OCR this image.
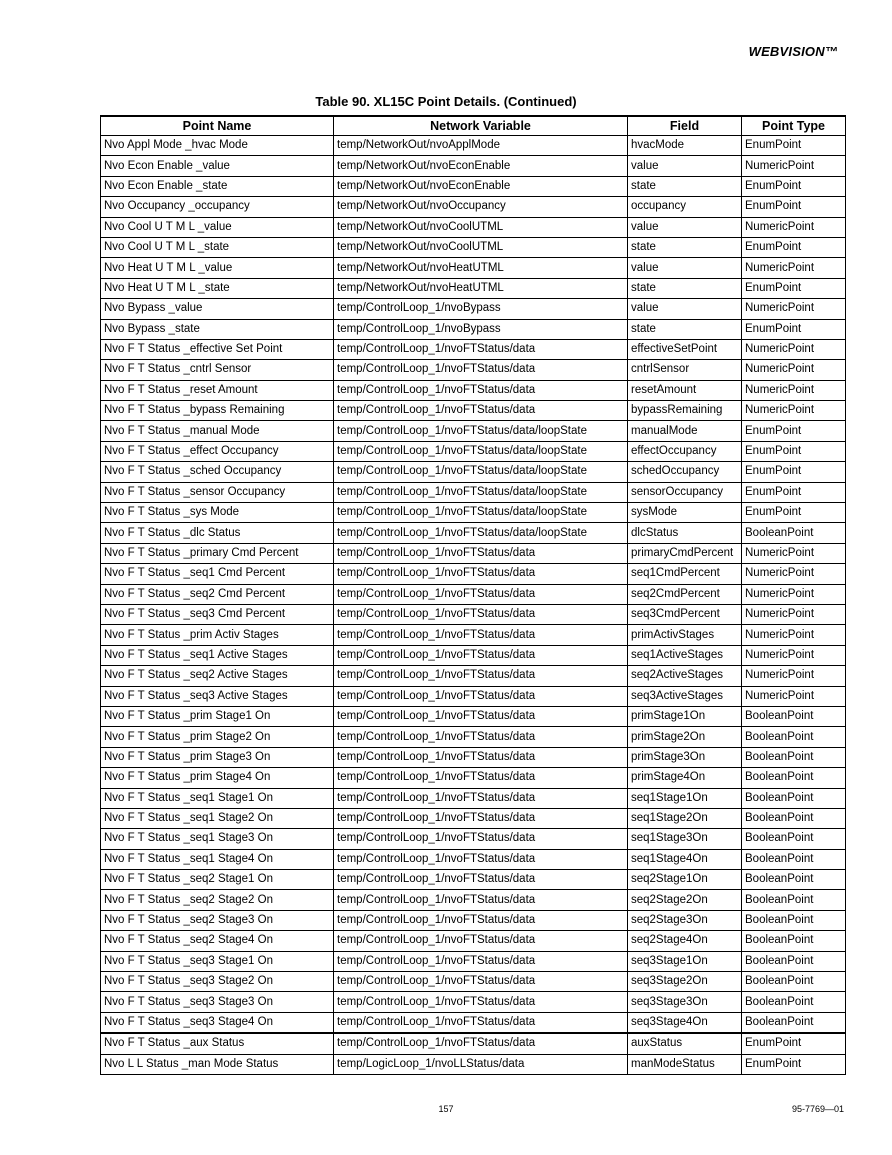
WEBVISION™
Table 90. XL15C Point Details. (Continued)
Point Name	Network Variable	Field	Point Type
Nvo Appl Mode _hvac Mode	temp/NetworkOut/nvoApplMode	hvacMode	EnumPoint
Nvo Econ Enable _value	temp/NetworkOut/nvoEconEnable	value	NumericPoint
Nvo Econ Enable _state	temp/NetworkOut/nvoEconEnable	state	EnumPoint
Nvo Occupancy _occupancy	temp/NetworkOut/nvoOccupancy	occupancy	EnumPoint
Nvo Cool U T M L _value	temp/NetworkOut/nvoCoolUTML	value	NumericPoint
Nvo Cool U T M L _state	temp/NetworkOut/nvoCoolUTML	state	EnumPoint
Nvo Heat U T M L _value	temp/NetworkOut/nvoHeatUTML	value	NumericPoint
Nvo Heat U T M L _state	temp/NetworkOut/nvoHeatUTML	state	EnumPoint
Nvo Bypass _value	temp/ControlLoop_1/nvoBypass	value	NumericPoint
Nvo Bypass _state	temp/ControlLoop_1/nvoBypass	state	EnumPoint
Nvo F T Status _effective Set Point	temp/ControlLoop_1/nvoFTStatus/data	effectiveSetPoint	NumericPoint
Nvo F T Status _cntrl Sensor	temp/ControlLoop_1/nvoFTStatus/data	cntrlSensor	NumericPoint
Nvo F T Status _reset Amount	temp/ControlLoop_1/nvoFTStatus/data	resetAmount	NumericPoint
Nvo F T Status _bypass Remaining	temp/ControlLoop_1/nvoFTStatus/data	bypassRemaining	NumericPoint
Nvo F T Status _manual Mode	temp/ControlLoop_1/nvoFTStatus/data/loopState	manualMode	EnumPoint
Nvo F T Status _effect Occupancy	temp/ControlLoop_1/nvoFTStatus/data/loopState	effectOccupancy	EnumPoint
Nvo F T Status _sched Occupancy	temp/ControlLoop_1/nvoFTStatus/data/loopState	schedOccupancy	EnumPoint
Nvo F T Status _sensor Occupancy	temp/ControlLoop_1/nvoFTStatus/data/loopState	sensorOccupancy	EnumPoint
Nvo F T Status _sys Mode	temp/ControlLoop_1/nvoFTStatus/data/loopState	sysMode	EnumPoint
Nvo F T Status _dlc Status	temp/ControlLoop_1/nvoFTStatus/data/loopState	dlcStatus	BooleanPoint
Nvo F T Status _primary Cmd Percent	temp/ControlLoop_1/nvoFTStatus/data	primaryCmdPercent	NumericPoint
Nvo F T Status _seq1 Cmd Percent	temp/ControlLoop_1/nvoFTStatus/data	seq1CmdPercent	NumericPoint
Nvo F T Status _seq2 Cmd Percent	temp/ControlLoop_1/nvoFTStatus/data	seq2CmdPercent	NumericPoint
Nvo F T Status _seq3 Cmd Percent	temp/ControlLoop_1/nvoFTStatus/data	seq3CmdPercent	NumericPoint
Nvo F T Status _prim Activ Stages	temp/ControlLoop_1/nvoFTStatus/data	primActivStages	NumericPoint
Nvo F T Status _seq1 Active Stages	temp/ControlLoop_1/nvoFTStatus/data	seq1ActiveStages	NumericPoint
Nvo F T Status _seq2 Active Stages	temp/ControlLoop_1/nvoFTStatus/data	seq2ActiveStages	NumericPoint
Nvo F T Status _seq3 Active Stages	temp/ControlLoop_1/nvoFTStatus/data	seq3ActiveStages	NumericPoint
Nvo F T Status _prim Stage1 On	temp/ControlLoop_1/nvoFTStatus/data	primStage1On	BooleanPoint
Nvo F T Status _prim Stage2 On	temp/ControlLoop_1/nvoFTStatus/data	primStage2On	BooleanPoint
Nvo F T Status _prim Stage3 On	temp/ControlLoop_1/nvoFTStatus/data	primStage3On	BooleanPoint
Nvo F T Status _prim Stage4 On	temp/ControlLoop_1/nvoFTStatus/data	primStage4On	BooleanPoint
Nvo F T Status _seq1 Stage1 On	temp/ControlLoop_1/nvoFTStatus/data	seq1Stage1On	BooleanPoint
Nvo F T Status _seq1 Stage2 On	temp/ControlLoop_1/nvoFTStatus/data	seq1Stage2On	BooleanPoint
Nvo F T Status _seq1 Stage3 On	temp/ControlLoop_1/nvoFTStatus/data	seq1Stage3On	BooleanPoint
Nvo F T Status _seq1 Stage4 On	temp/ControlLoop_1/nvoFTStatus/data	seq1Stage4On	BooleanPoint
Nvo F T Status _seq2 Stage1 On	temp/ControlLoop_1/nvoFTStatus/data	seq2Stage1On	BooleanPoint
Nvo F T Status _seq2 Stage2 On	temp/ControlLoop_1/nvoFTStatus/data	seq2Stage2On	BooleanPoint
Nvo F T Status _seq2 Stage3 On	temp/ControlLoop_1/nvoFTStatus/data	seq2Stage3On	BooleanPoint
Nvo F T Status _seq2 Stage4 On	temp/ControlLoop_1/nvoFTStatus/data	seq2Stage4On	BooleanPoint
Nvo F T Status _seq3 Stage1 On	temp/ControlLoop_1/nvoFTStatus/data	seq3Stage1On	BooleanPoint
Nvo F T Status _seq3 Stage2 On	temp/ControlLoop_1/nvoFTStatus/data	seq3Stage2On	BooleanPoint
Nvo F T Status _seq3 Stage3 On	temp/ControlLoop_1/nvoFTStatus/data	seq3Stage3On	BooleanPoint
Nvo F T Status _seq3 Stage4 On	temp/ControlLoop_1/nvoFTStatus/data	seq3Stage4On	BooleanPoint
Nvo F T Status _aux Status	temp/ControlLoop_1/nvoFTStatus/data	auxStatus	EnumPoint
Nvo L L Status _man Mode Status	temp/LogicLoop_1/nvoLLStatus/data	manModeStatus	EnumPoint
157	95-7769—01
